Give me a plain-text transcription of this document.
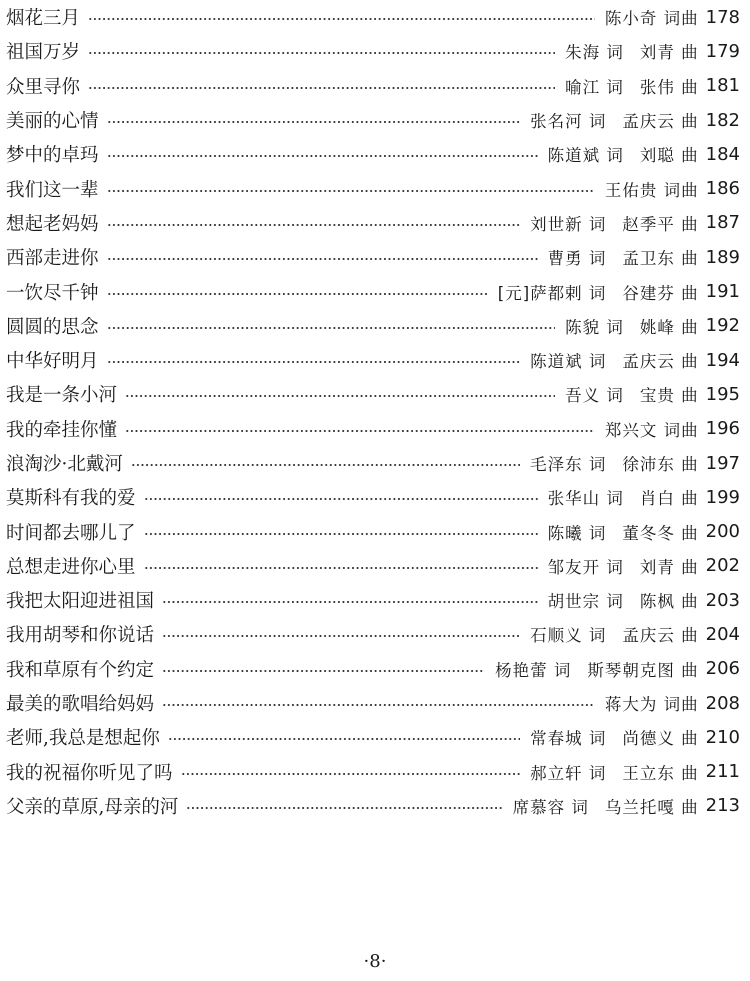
烟花三月	陈小奇 词曲 178
祖国万岁	朱海 词 刘青 曲 179
众里寻你	喻江 词 张伟 曲 181
美丽的心情	张名河 词 孟庆云 曲 182
梦中的卓玛	陈道斌 词 刘聪 曲 184
我们这一辈	王佑贵 词曲 186
想起老妈妈	刘世新 词 赵季平 曲 187
西部走进你	曹勇 词 孟卫东 曲 189
一饮尽千钟	[元]萨都剌 词 谷建芬 曲 191
圆圆的思念	陈貌 词 姚峰 曲 192
中华好明月	陈道斌 词 孟庆云 曲 194
我是一条小河	吾义 词 宝贵 曲 195
我的牵挂你懂	郑兴文 词曲 196
浪淘沙·北戴河	毛泽东 词 徐沛东 曲 197
莫斯科有我的爱	张华山 词 肖白 曲 199
时间都去哪儿了	陈曦 词 董冬冬 曲 200
总想走进你心里	邹友开 词 刘青 曲 202
我把太阳迎进祖国	胡世宗 词 陈枫 曲 203
我用胡琴和你说话	石顺义 词 孟庆云 曲 204
我和草原有个约定	杨艳蕾 词 斯琴朝克图 曲 206
最美的歌唱给妈妈	蒋大为 词曲 208
老师,我总是想起你	常春城 词 尚德义 曲 210
我的祝福你听见了吗	郝立轩 词 王立东 曲 211
父亲的草原,母亲的河	席慕容 词 乌兰托嘎 曲 213
·8·
